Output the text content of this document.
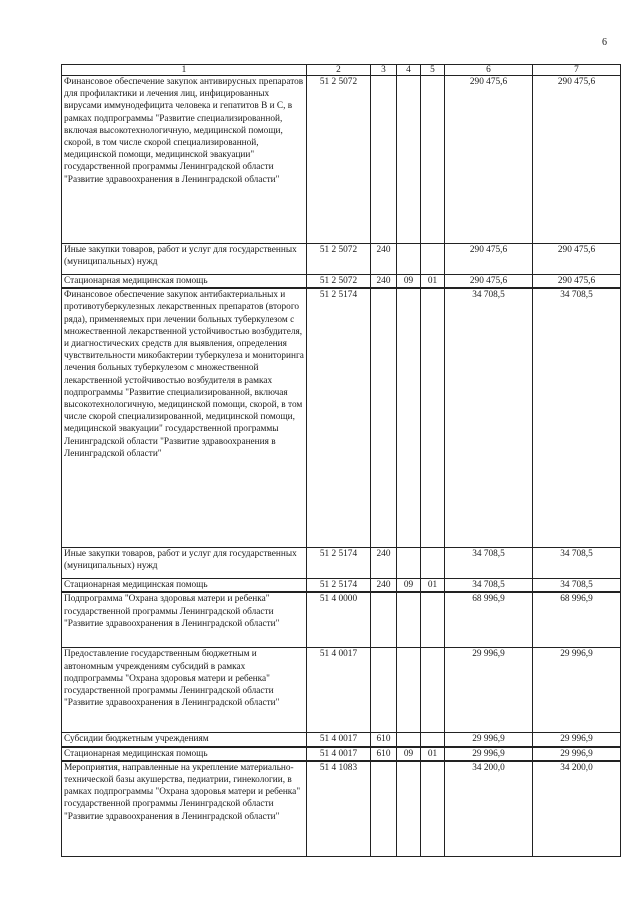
6
1	2	3	4	5	6	7
Финансовое обеспечение закупок антивирусных препаратов для профилактики и лечения лиц, инфицированных вирусами иммунодефицита человека и гепатитов В и С, в рамках подпрограммы "Развитие специализированной, включая высокотехнологичную, медицинской помощи, скорой, в том числе скорой специализированной, медицинской помощи, медицинской эвакуации" государственной программы Ленинградской области "Развитие здравоохранения в Ленинградской области"	51 2 5072				290 475,6	290 475,6
Иные закупки товаров, работ и услуг для государственных (муниципальных) нужд	51 2 5072	240			290 475,6	290 475,6
Стационарная медицинская помощь	51 2 5072	240	09	01	290 475,6	290 475,6
Финансовое обеспечение закупок антибактериальных и противотуберкулезных лекарственных препаратов (второго ряда), применяемых при лечении больных туберкулезом с множественной лекарственной устойчивостью возбудителя, и диагностических средств для выявления, определения чувствительности микобактерии туберкулеза и мониторинга лечения больных туберкулезом с множественной лекарственной устойчивостью возбудителя в рамках подпрограммы "Развитие специализированной, включая высокотехнологичную, медицинской помощи, скорой, в том числе скорой специализированной, медицинской помощи, медицинской эвакуации" государственной программы Ленинградской области "Развитие здравоохранения в Ленинградской области"	51 2 5174				34 708,5	34 708,5
Иные закупки товаров, работ и услуг для государственных (муниципальных) нужд	51 2 5174	240			34 708,5	34 708,5
Стационарная медицинская помощь	51 2 5174	240	09	01	34 708,5	34 708,5
Подпрограмма "Охрана здоровья матери и ребенка" государственной программы Ленинградской области "Развитие здравоохранения в Ленинградской области"	51 4 0000				68 996,9	68 996,9
Предоставление государственным бюджетным и автономным учреждениям субсидий в рамках подпрограммы "Охрана здоровья матери и ребенка" государственной программы Ленинградской области "Развитие здравоохранения в Ленинградской области"	51 4 0017				29 996,9	29 996,9
Субсидии бюджетным учреждениям	51 4 0017	610			29 996,9	29 996,9
Стационарная медицинская помощь	51 4 0017	610	09	01	29 996,9	29 996,9
Мероприятия, направленные на укрепление материально-технической базы акушерства, педиатрии, гинекологии, в рамках подпрограммы "Охрана здоровья матери и ребенка" государственной программы Ленинградской области "Развитие здравоохранения в Ленинградской области"	51 4 1083				34 200,0	34 200,0
